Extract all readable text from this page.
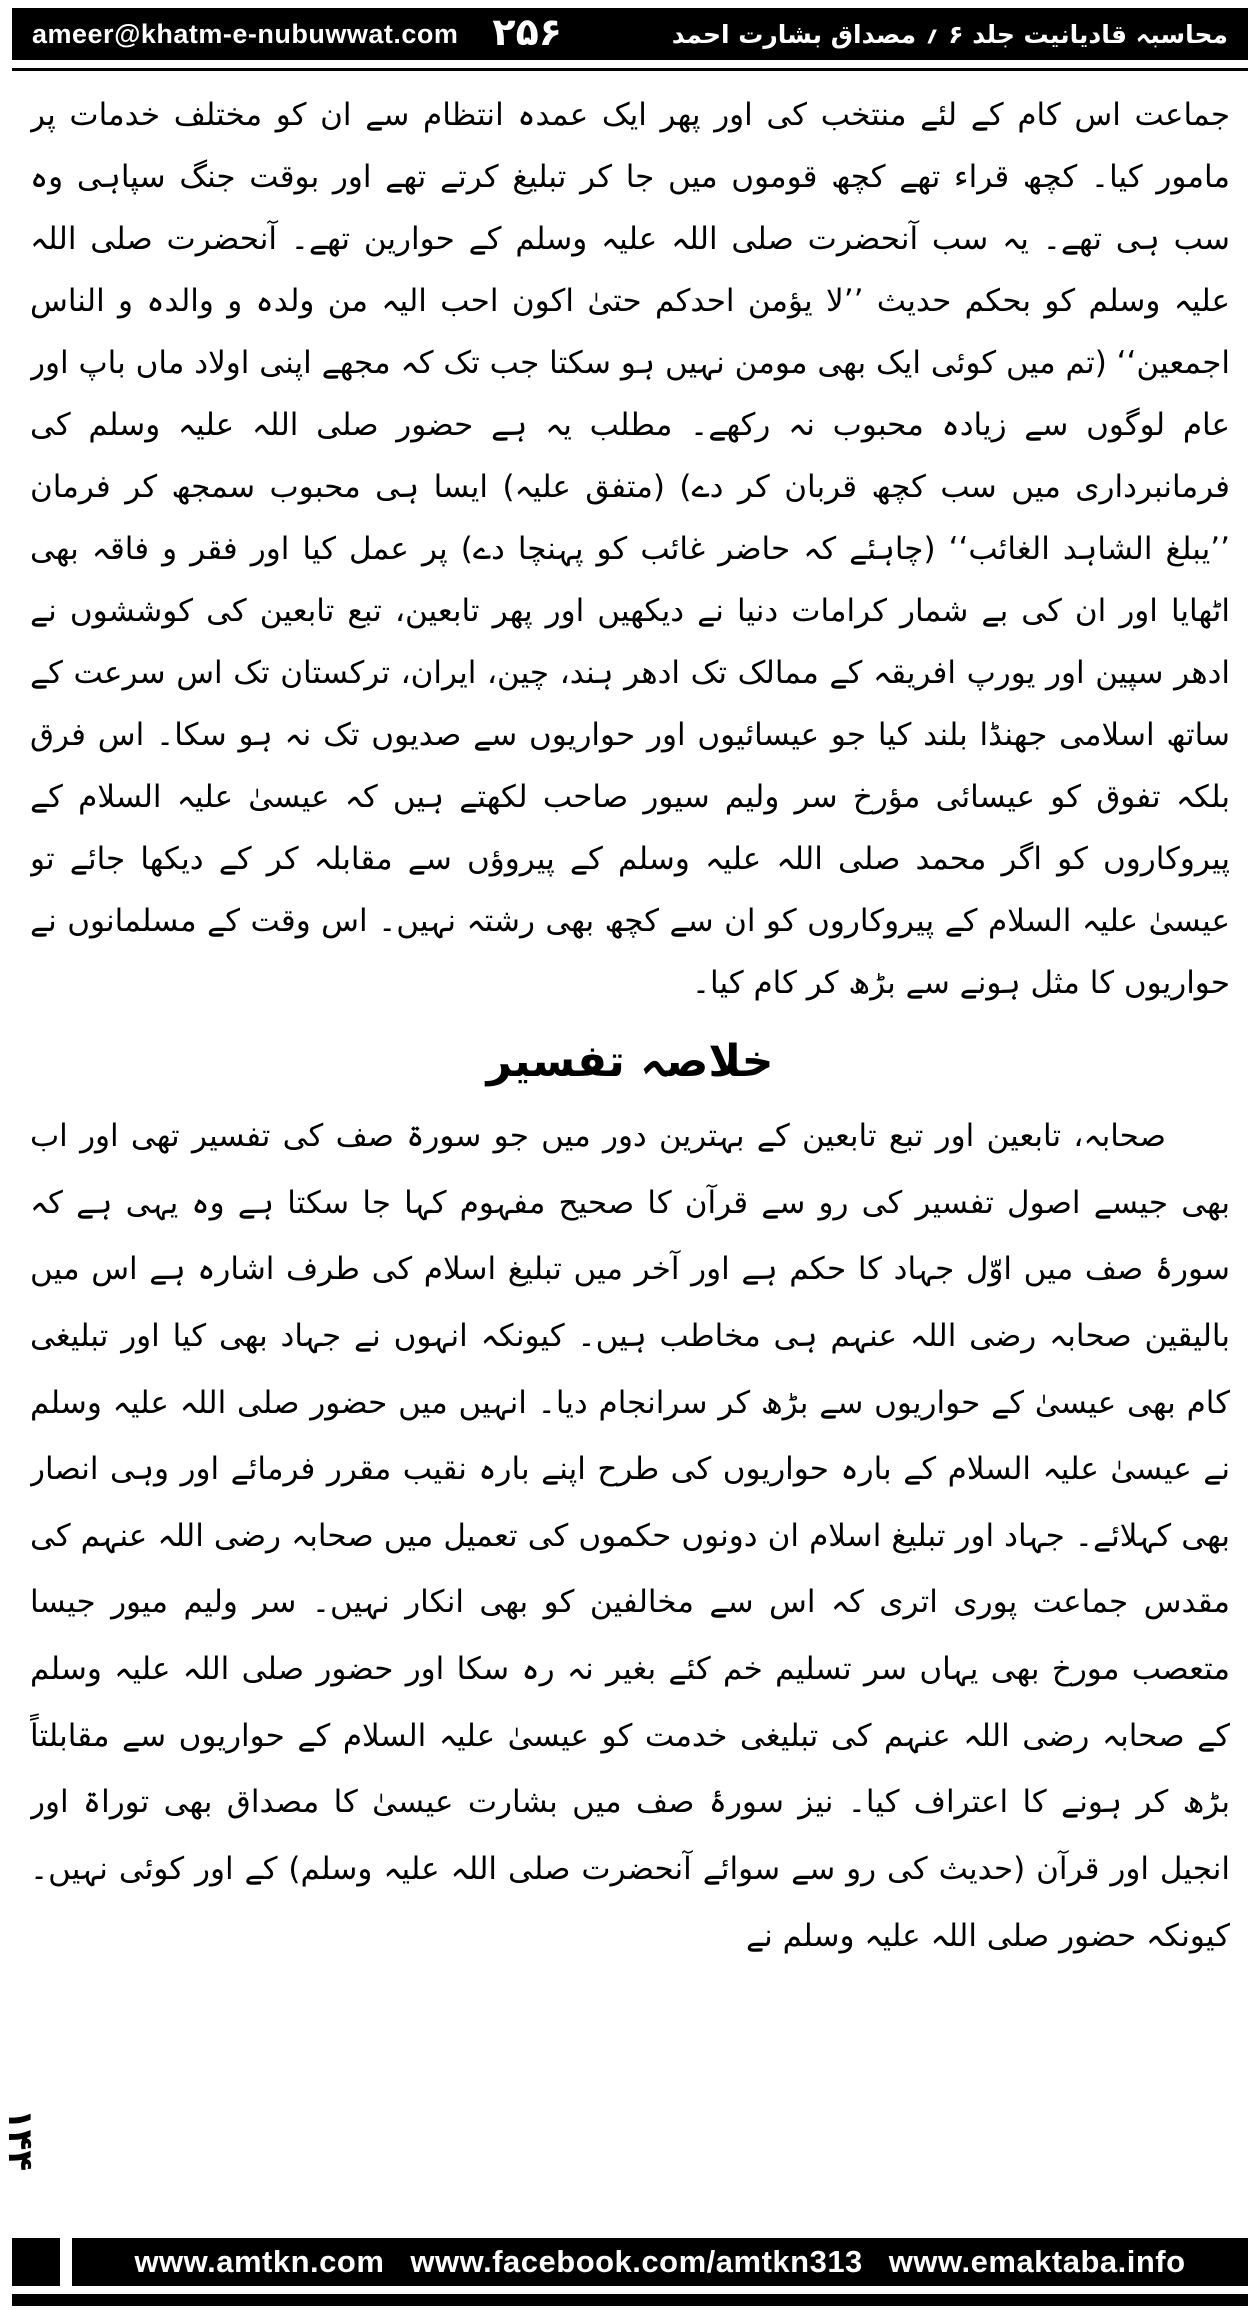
ameer@khatm-e-nubuwwat.com ۲۵۶	محاسبہ قادیانیت جلد ۶ ؍ مصداق بشارت احمد

جماعت اس کام کے لئے منتخب کی اور پھر ایک عمدہ انتظام سے ان کو مختلف خدمات پر مامور کیا۔ کچھ قراء تھے کچھ قوموں میں جا کر تبلیغ کرتے تھے اور بوقت جنگ سپاہی وہ سب ہی تھے۔ یہ سب آنحضرت صلی اللہ علیہ وسلم کے حوارین تھے۔ آنحضرت صلی اللہ علیہ وسلم کو بحکم حدیث ’’لا یؤمن احدکم حتیٰ اکون احب الیہ من ولدہ و والدہ و الناس اجمعین‘‘ (تم میں کوئی ایک بھی مومن نہیں ہو سکتا جب تک کہ مجھے اپنی اولاد ماں باپ اور عام لوگوں سے زیادہ محبوب نہ رکھے۔ مطلب یہ ہے حضور صلی اللہ علیہ وسلم کی فرمانبرداری میں سب کچھ قربان کر دے) (متفق علیہ) ایسا ہی محبوب سمجھ کر فرمان ’’یبلغ الشاہد الغائب‘‘ (چاہئے کہ حاضر غائب کو پہنچا دے) پر عمل کیا اور فقر و فاقہ بھی اٹھایا اور ان کی بے شمار کرامات دنیا نے دیکھیں اور پھر تابعین، تبع تابعین کی کوششوں نے ادھر سپین اور یورپ افریقہ کے ممالک تک ادھر ہند، چین، ایران، ترکستان تک اس سرعت کے ساتھ اسلامی جھنڈا بلند کیا جو عیسائیوں اور حواریوں سے صدیوں تک نہ ہو سکا۔ اس فرق بلکہ تفوق کو عیسائی مؤرخ سر ولیم سیور صاحب لکھتے ہیں کہ عیسیٰ علیہ السلام کے پیروکاروں کو اگر محمد صلی اللہ علیہ وسلم کے پیروؤں سے مقابلہ کر کے دیکھا جائے تو عیسیٰ علیہ السلام کے پیروکاروں کو ان سے کچھ بھی رشتہ نہیں۔ اس وقت کے مسلمانوں نے حواریوں کا مثل ہونے سے بڑھ کر کام کیا۔

خلاصہ تفسیر

صحابہ، تابعین اور تبع تابعین کے بہترین دور میں جو سورۃ صف کی تفسیر تھی اور اب بھی جیسے اصول تفسیر کی رو سے قرآن کا صحیح مفہوم کہا جا سکتا ہے وہ یہی ہے کہ سورۂ صف میں اوّل جہاد کا حکم ہے اور آخر میں تبلیغ اسلام کی طرف اشارہ ہے اس میں بالیقین صحابہ رضی اللہ عنہم ہی مخاطب ہیں۔ کیونکہ انہوں نے جہاد بھی کیا اور تبلیغی کام بھی عیسیٰ کے حواریوں سے بڑھ کر سرانجام دیا۔ انہیں میں حضور صلی اللہ علیہ وسلم نے عیسیٰ علیہ السلام کے بارہ حواریوں کی طرح اپنے بارہ نقیب مقرر فرمائے اور وہی انصار بھی کہلائے۔ جہاد اور تبلیغ اسلام ان دونوں حکموں کی تعمیل میں صحابہ رضی اللہ عنہم کی مقدس جماعت پوری اتری کہ اس سے مخالفین کو بھی انکار نہیں۔ سر ولیم میور جیسا متعصب مورخ بھی یہاں سر تسلیم خم کئے بغیر نہ رہ سکا اور حضور صلی اللہ علیہ وسلم کے صحابہ رضی اللہ عنہم کی تبلیغی خدمت کو عیسیٰ علیہ السلام کے حواریوں سے مقابلتاً بڑھ کر ہونے کا اعتراف کیا۔ نیز سورۂ صف میں بشارت عیسیٰ کا مصداق بھی توراۃ اور انجیل اور قرآن (حدیث کی رو سے سوائے آنحضرت صلی اللہ علیہ وسلم) کے اور کوئی نہیں۔ کیونکہ حضور صلی اللہ علیہ وسلم نے

۱۴۴
www.amtkn.com www.facebook.com/amtkn313 www.emaktaba.info
